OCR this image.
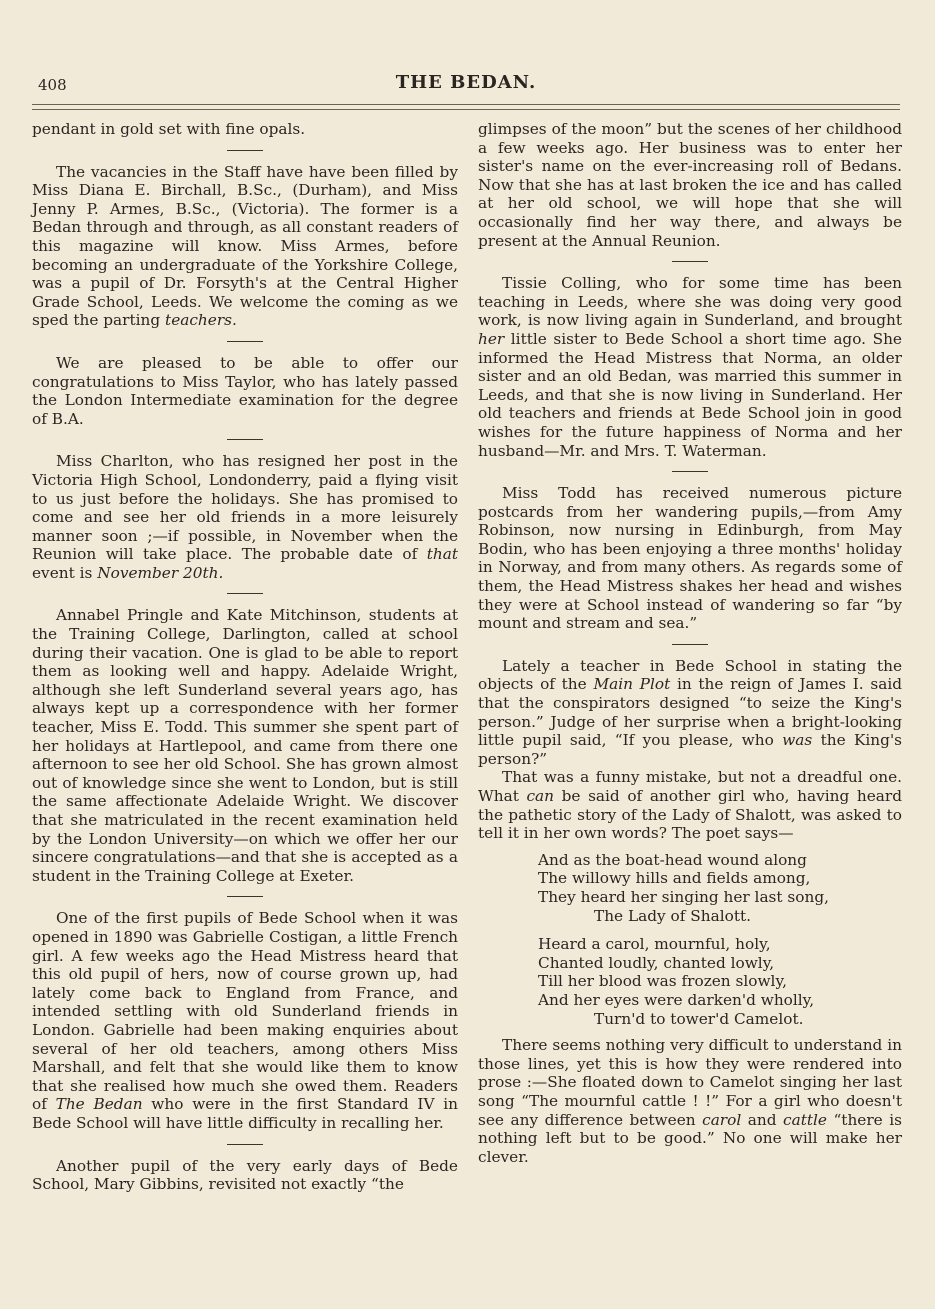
408	THE BEDAN.

pendant in gold set with fine opals.

The vacancies in the Staff have have been filled by Miss Diana E. Birchall, B.Sc., (Durham), and Miss Jenny P. Armes, B.Sc., (Victoria). The former is a Bedan through and through, as all constant readers of this magazine will know. Miss Armes, before becoming an undergraduate of the Yorkshire College, was a pupil of Dr. Forsyth's at the Central Higher Grade School, Leeds. We welcome the coming as we sped the parting teachers.

We are pleased to be able to offer our congratulations to Miss Taylor, who has lately passed the London Intermediate examination for the degree of B.A.

Miss Charlton, who has resigned her post in the Victoria High School, Londonderry, paid a flying visit to us just before the holidays. She has promised to come and see her old friends in a more leisurely manner soon ;—if possible, in November when the Reunion will take place. The probable date of that event is November 20th.

Annabel Pringle and Kate Mitchinson, students at the Training College, Darlington, called at school during their vacation. One is glad to be able to report them as looking well and happy. Adelaide Wright, although she left Sunderland several years ago, has always kept up a correspondence with her former teacher, Miss E. Todd. This summer she spent part of her holidays at Hartlepool, and came from there one afternoon to see her old School. She has grown almost out of knowledge since she went to London, but is still the same affectionate Adelaide Wright. We discover that she matriculated in the recent examination held by the London University—on which we offer her our sincere congratulations—and that she is accepted as a student in the Training College at Exeter.

One of the first pupils of Bede School when it was opened in 1890 was Gabrielle Costigan, a little French girl. A few weeks ago the Head Mistress heard that this old pupil of hers, now of course grown up, had lately come back to England from France, and intended settling with old Sunderland friends in London. Gabrielle had been making enquiries about several of her old teachers, among others Miss Marshall, and felt that she would like them to know that she realised how much she owed them. Readers of The Bedan who were in the first Standard IV in Bede School will have little difficulty in recalling her.

Another pupil of the very early days of Bede School, Mary Gibbins, revisited not exactly “the

glimpses of the moon” but the scenes of her childhood a few weeks ago. Her business was to enter her sister's name on the ever-increasing roll of Bedans. Now that she has at last broken the ice and has called at her old school, we will hope that she will occasionally find her way there, and always be present at the Annual Reunion.

Tissie Colling, who for some time has been teaching in Leeds, where she was doing very good work, is now living again in Sunderland, and brought her little sister to Bede School a short time ago. She informed the Head Mistress that Norma, an older sister and an old Bedan, was married this summer in Leeds, and that she is now living in Sunderland. Her old teachers and friends at Bede School join in good wishes for the future happiness of Norma and her husband—Mr. and Mrs. T. Waterman.

Miss Todd has received numerous picture postcards from her wandering pupils,—from Amy Robinson, now nursing in Edinburgh, from May Bodin, who has been enjoying a three months' holiday in Norway, and from many others. As regards some of them, the Head Mistress shakes her head and wishes they were at School instead of wandering so far “by mount and stream and sea.”

Lately a teacher in Bede School in stating the objects of the Main Plot in the reign of James I. said that the conspirators designed “to seize the King's person.” Judge of her surprise when a bright-looking little pupil said, “If you please, who was the King's person?”

That was a funny mistake, but not a dreadful one. What can be said of another girl who, having heard the pathetic story of the Lady of Shalott, was asked to tell it in her own words? The poet says—

And as the boat-head wound along
The willowy hills and fields among,
They heard her singing her last song,
The Lady of Shalott.
Heard a carol, mournful, holy,
Chanted loudly, chanted lowly,
Till her blood was frozen slowly,
And her eyes were darken'd wholly,
Turn'd to tower'd Camelot.

There seems nothing very difficult to understand in those lines, yet this is how they were rendered into prose :—She floated down to Camelot singing her last song “The mournful cattle ! !” For a girl who doesn't see any difference between carol and cattle “there is nothing left but to be good.” No one will make her clever.
